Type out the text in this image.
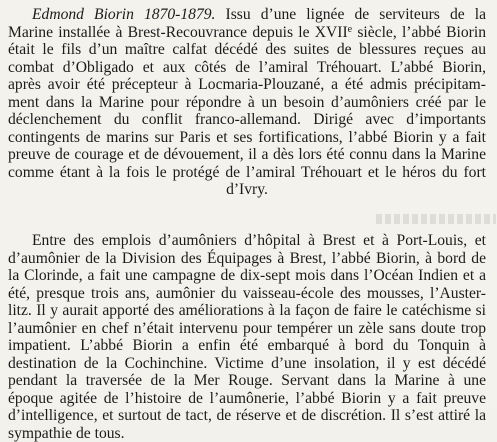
Edmond Biorin 1870-1879. Issu d’une lignée de serviteurs de la
Marine installée à Brest-Recouvrance depuis le XVIIe siècle, l’abbé Biorin
était le fils d’un maître calfat décédé des suites de blessures reçues au
combat d’Obligado et aux côtés de l’amiral Tréhouart. L’abbé Biorin,
après avoir été précepteur à Locmaria-Plouzané, a été admis précipitam-
ment dans la Marine pour répondre à un besoin d’aumôniers créé par le
déclenchement du conflit franco-allemand. Dirigé avec d’importants
contingents de marins sur Paris et ses fortifications, l’abbé Biorin y a fait
preuve de courage et de dévouement, il a dès lors été connu dans la Marine
comme étant à la fois le protégé de l’amiral Tréhouart et le héros du fort
d’Ivry.
Entre des emplois d’aumôniers d’hôpital à Brest et à Port-Louis, et
d’aumônier de la Division des Équipages à Brest, l’abbé Biorin, à bord de
la Clorinde, a fait une campagne de dix-sept mois dans l’Océan Indien et a
été, presque trois ans, aumônier du vaisseau-école des mousses, l’Auster-
litz. Il y aurait apporté des améliorations à la façon de faire le catéchisme si
l’aumônier en chef n’était intervenu pour tempérer un zèle sans doute trop
impatient. L’abbé Biorin a enfin été embarqué à bord du Tonquin à
destination de la Cochinchine. Victime d’une insolation, il y est décédé
pendant la traversée de la Mer Rouge. Servant dans la Marine à une
époque agitée de l’histoire de l’aumônerie, l’abbé Biorin y a fait preuve
d’intelligence, et surtout de tact, de réserve et de discrétion. Il s’est attiré la
sympathie de tous.
